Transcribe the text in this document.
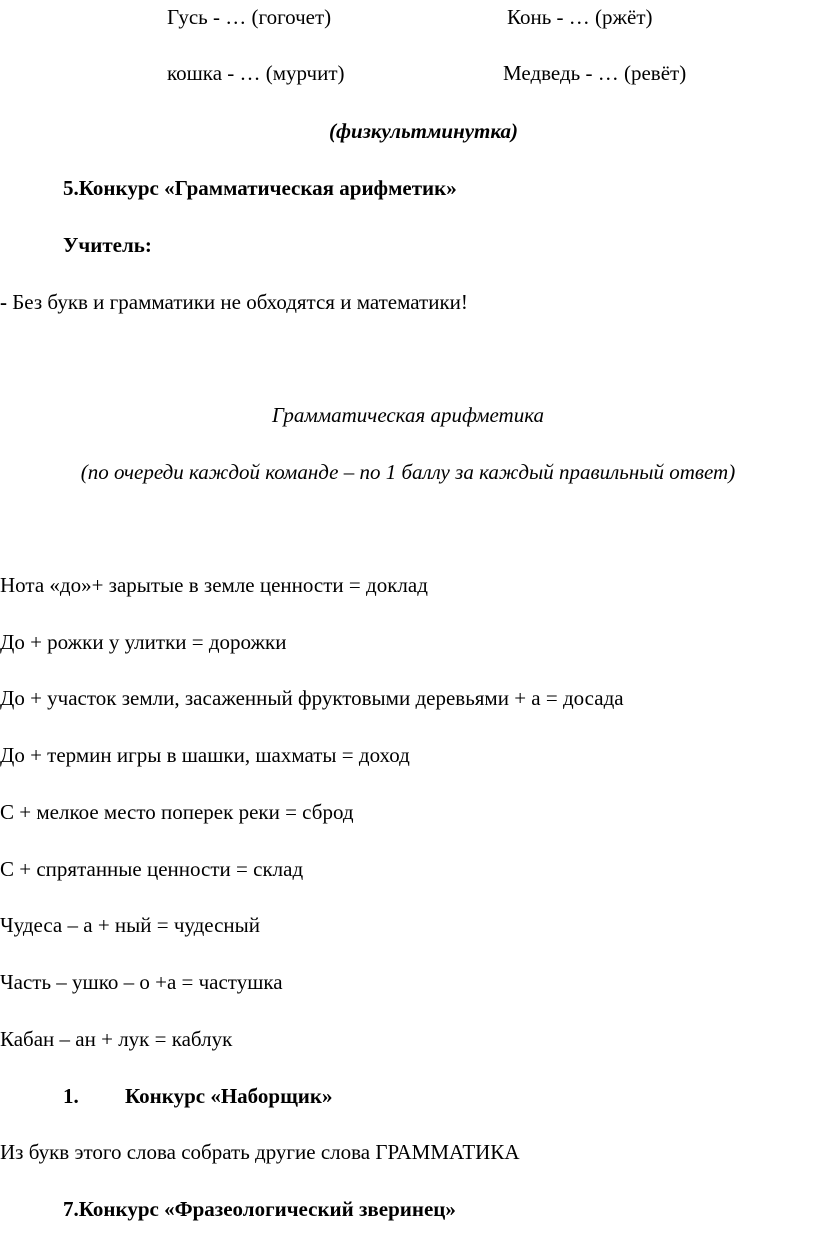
Гусь - … (гогочет)	Конь - … (ржёт)
кошка - … (мурчит)	Медведь - … (ревёт)
(физкультминутка)
5.Конкурс «Грамматическая арифметик»
Учитель:
- Без букв и грамматики не обходятся и математики!
Грамматическая арифметика
(по очереди каждой команде – по 1 баллу за каждый правильный ответ)
Нота «до»+ зарытые в земле ценности = доклад
До + рожки у улитки = дорожки
До + участок земли, засаженный фруктовыми деревьями + а = досада
До + термин игры в шашки, шахматы = доход
С + мелкое место поперек реки = сброд
С + спрятанные ценности = склад
Чудеса – а + ный = чудесный
Часть – ушко – о +а = частушка
Кабан – ан + лук = каблук
1. Конкурс «Наборщик»
Из букв этого слова собрать другие слова ГРАММАТИКА
7.Конкурс «Фразеологический зверинец»
